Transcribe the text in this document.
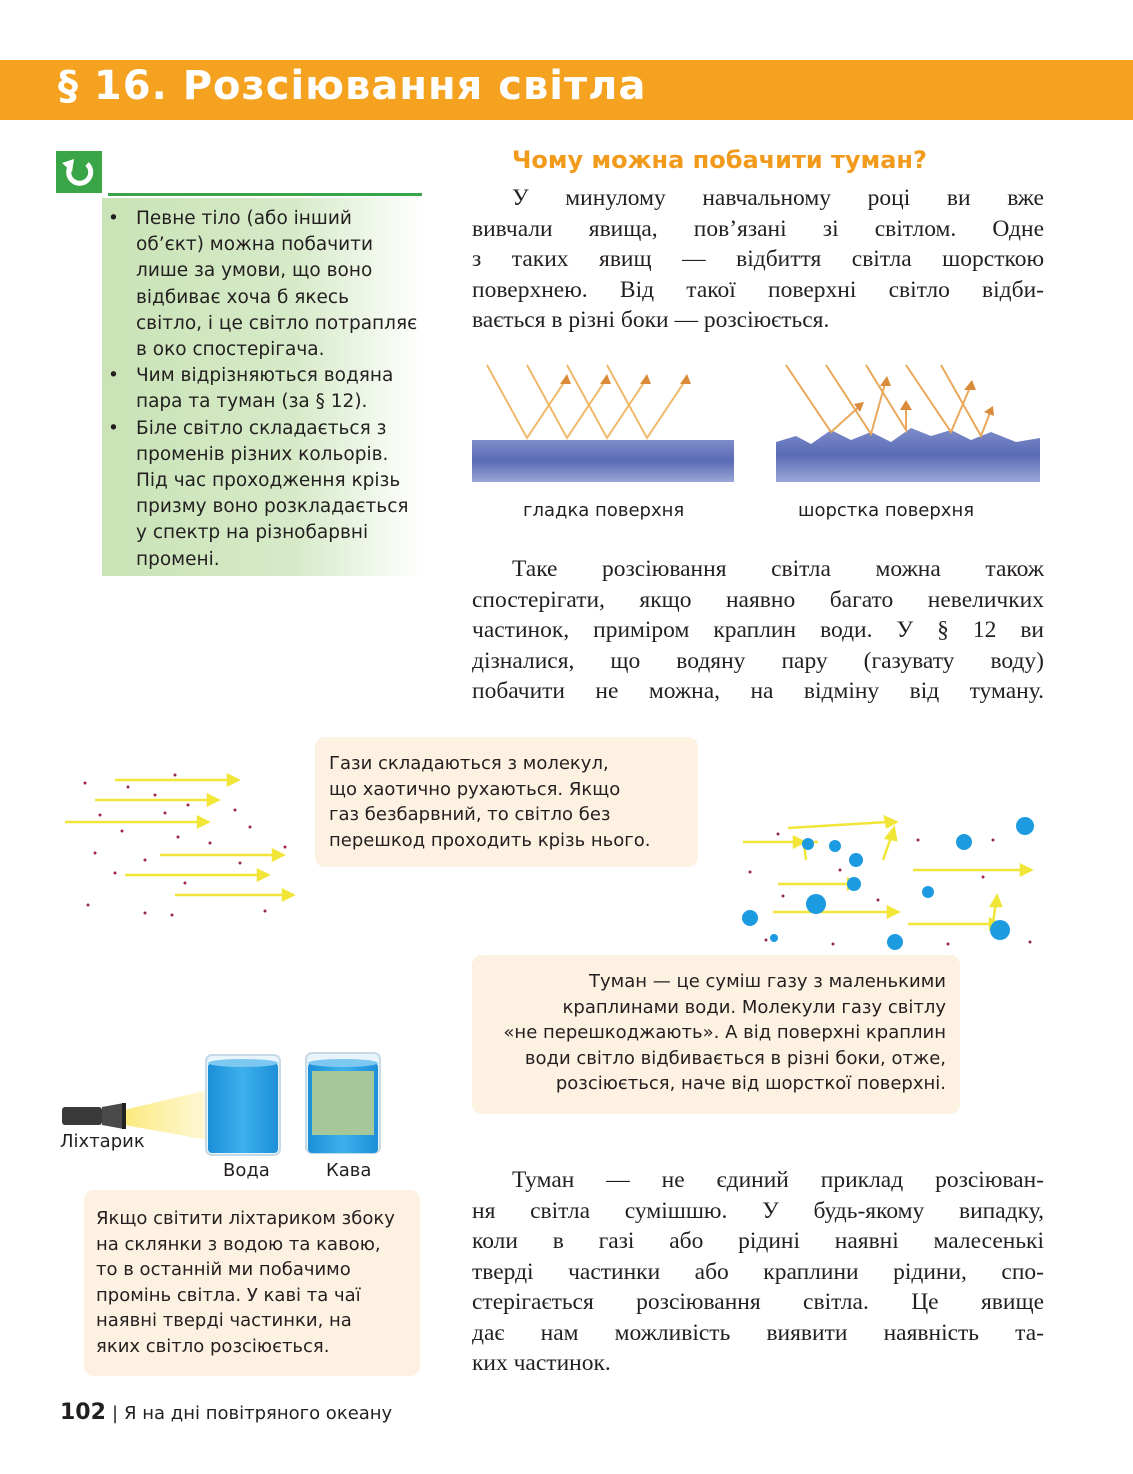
§ 16. Розсіювання світла
• Певне тіло (або інший
об’єкт) можна побачити
лише за умови, що воно
відбиває хоча б якесь
світло, і це світло потрапляє
в око спостерігача.
• Чим відрізняються водяна
пара та туман (за § 12).
• Біле світло складається з
променів різних кольорів.
Під час проходження крізь
призму воно розкладається
у спектр на різнобарвні
промені.
Чому можна побачити туман?
У минулому навчальному році ви вже
вивчали явища, пов’язані зі світлом. Одне
з таких явищ — відбиття світла шорсткою
поверхнею. Від такої поверхні світло відби-
вається в різні боки — розсіюється.
гладка поверхня	шорстка поверхня
Таке розсіювання світла можна також
спостерігати, якщо наявно багато невеличких
частинок, приміром краплин води. У § 12 ви
дізналися, що водяну пару (газувату воду)
побачити не можна, на відміну від туману.
Гази складаються з молекул,
що хаотично рухаються. Якщо
газ безбарвний, то світло без
перешкод проходить крізь нього.
Туман — це суміш газу з маленькими
краплинами води. Молекули газу світлу
«не перешкоджають». А від поверхні краплин
води світло відбивається в різні боки, отже,
розсіюється, наче від шорсткої поверхні.
Ліхтарик
Вода	Кава
Якщо світити ліхтариком збоку
на склянки з водою та кавою,
то в останній ми побачимо
промінь світла. У каві та чаї
наявні тверді частинки, на
яких світло розсіюється.
Туман — не єдиний приклад розсіюван-
ня світла сумішшю. У будь-якому випадку,
коли в газі або рідині наявні малесенькі
тверді частинки або краплини рідини, спо-
стерігається розсіювання світла. Це явище
дає нам можливість виявити наявність та-
ких частинок.
102 | Я на дні повітряного океану
